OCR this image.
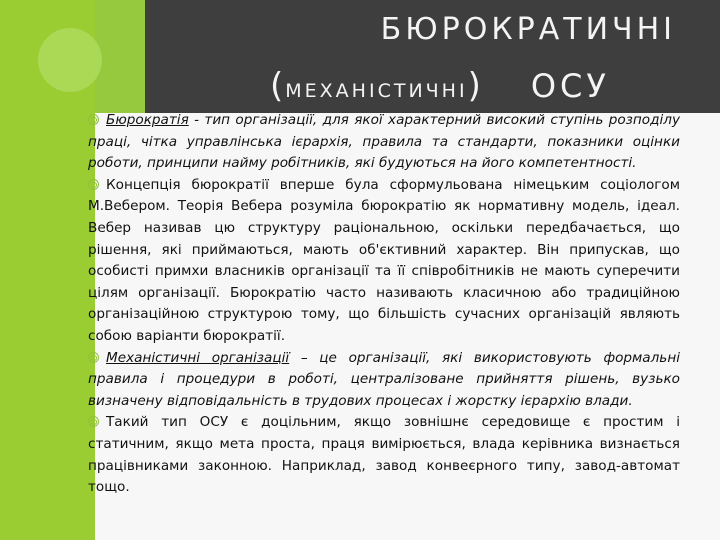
БЮРОКРАТИЧНІ
(МЕХАНІСТИЧНІ) ОСУ

Бюрократія - тип організації, для якої характерний високий ступінь розподілу праці, чітка управлінська ієрархія, правила та стандарти, показники оцінки роботи, принципи найму робітників, які будуються на його компетентності.

Концепція бюрократії вперше була сформульована німецьким соціологом М.Вебером. Теорія Вебера розуміла бюрократію як нормативну модель, ідеал. Вебер називав цю структуру раціональною, оскільки передбачається, що рішення, які приймаються, мають об'єктивний характер. Він припускав, що особисті примхи власників організації та її співробітників не мають суперечити цілям організації. Бюрократію часто називають класичною або традиційною організаційною структурою тому, що більшість сучасних організацій являють собою варіанти бюрократії.

Механістичні організації – це організації, які використовують формальні правила і процедури в роботі, централізоване прийняття рішень, вузько визначену відповідальність в трудових процесах і жорстку ієрархію влади.

Такий тип ОСУ є доцільним, якщо зовнішнє середовище є простим і статичним, якщо мета проста, праця вимірюється, влада керівника визнається працівниками законною. Наприклад, завод конвеєрного типу, завод-автомат тощо.
